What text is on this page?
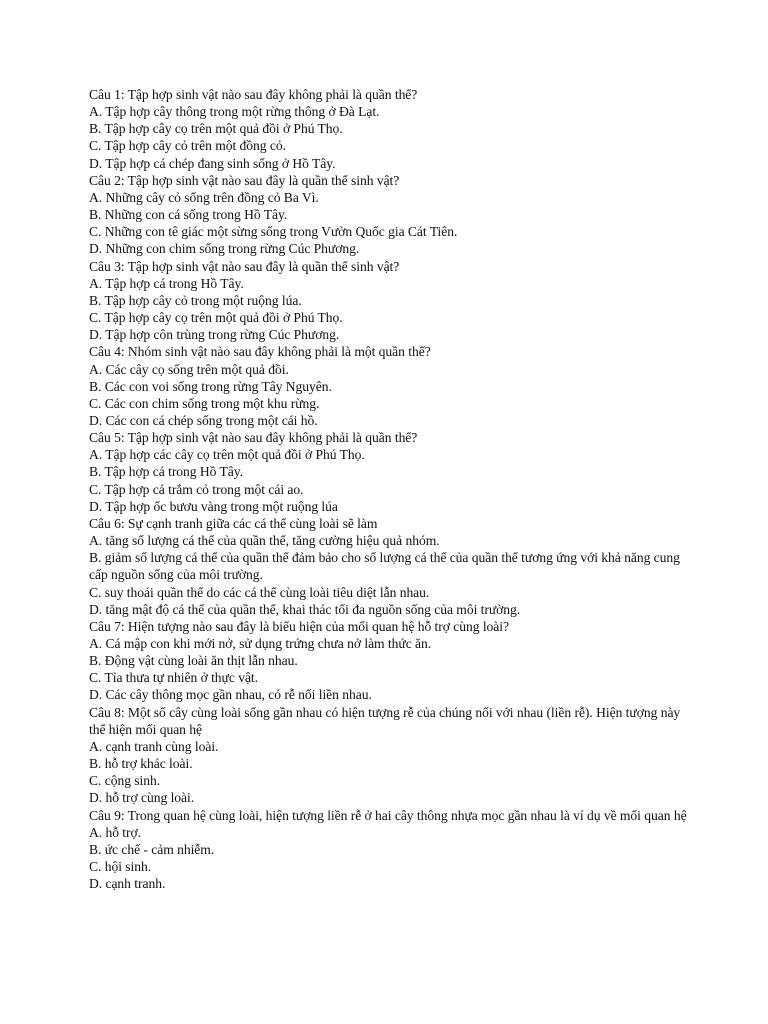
Câu 1: Tập hợp sinh vật nào sau đây không phải là quần thể?

A. Tập hợp cây thông trong một rừng thông ở Đà Lạt.

B. Tập hợp cây cọ trên một quả đồi ở Phú Thọ.

C. Tập hợp cây cỏ trên một đồng cỏ.

D. Tập hợp cá chép đang sinh sống ở Hồ Tây.

Câu 2: Tập hợp sinh vật nào sau đây là quần thể sinh vật?

A. Những cây cỏ sống trên đồng cỏ Ba Vì.

B. Những con cá sống trong Hồ Tây.

C. Những con tê giác một sừng sống trong Vườn Quốc gia Cát Tiên.

D. Những con chim sống trong rừng Cúc Phương.

Câu 3: Tập hợp sinh vật nào sau đây là quần thể sinh vật?

A. Tập hợp cá trong Hồ Tây.

B. Tập hợp cây cỏ trong một ruộng lúa.

C. Tập hợp cây cọ trên một quả đồi ở Phú Thọ.

D. Tập hợp côn trùng trong rừng Cúc Phương.

Câu 4: Nhóm sinh vật nào sau đây không phải là một quần thể?

A. Các cây cọ sống trên một quả đồi.

B. Các con voi sống trong rừng Tây Nguyên.

C. Các con chim sống trong một khu rừng.

D. Các con cá chép sống trong một cái hồ.

Câu 5: Tập hợp sinh vật nào sau đây không phải là quần thể?

A. Tập hợp các cây cọ trên một quả đồi ở Phú Thọ.

B. Tập hợp cá trong Hồ Tây.

C. Tập hợp cá trắm cỏ trong một cái ao.

D. Tập hợp ốc bươu vàng trong một ruộng lúa

Câu 6: Sự cạnh tranh giữa các cá thể cùng loài sẽ làm

A. tăng số lượng cá thể của quần thể, tăng cường hiệu quả nhóm.

B. giảm số lượng cá thể của quần thể đảm bảo cho số lượng cá thể của quần thể tương ứng với khả năng cung cấp nguồn sống của môi trường.

C. suy thoái quần thể do các cá thể cùng loài tiêu diệt lẫn nhau.

D. tăng mật độ cá thể của quần thể, khai thác tối đa nguồn sống của môi trường.

Câu 7: Hiện tượng nào sau đây là biểu hiện của mối quan hệ hỗ trợ cùng loài?

A. Cá mập con khi mới nở, sử dụng trứng chưa nở làm thức ăn.

B. Động vật cùng loài ăn thịt lẫn nhau.

C. Tỉa thưa tự nhiên ở thực vật.

D. Các cây thông mọc gần nhau, có rễ nối liền nhau.

Câu 8: Một số cây cùng loài sống gần nhau có hiện tượng rễ của chúng nối với nhau (liền rễ). Hiện tượng này thể hiện mối quan hệ

A. cạnh tranh cùng loài.

B. hỗ trợ khác loài.

C. cộng sinh.

D. hỗ trợ cùng loài.

Câu 9: Trong quan hệ cùng loài, hiện tượng liền rễ ở hai cây thông nhựa mọc gần nhau là ví dụ về mối quan hệ

A. hỗ trợ.

B. ức chế - cảm nhiễm.

C. hội sinh.

D. cạnh tranh.
